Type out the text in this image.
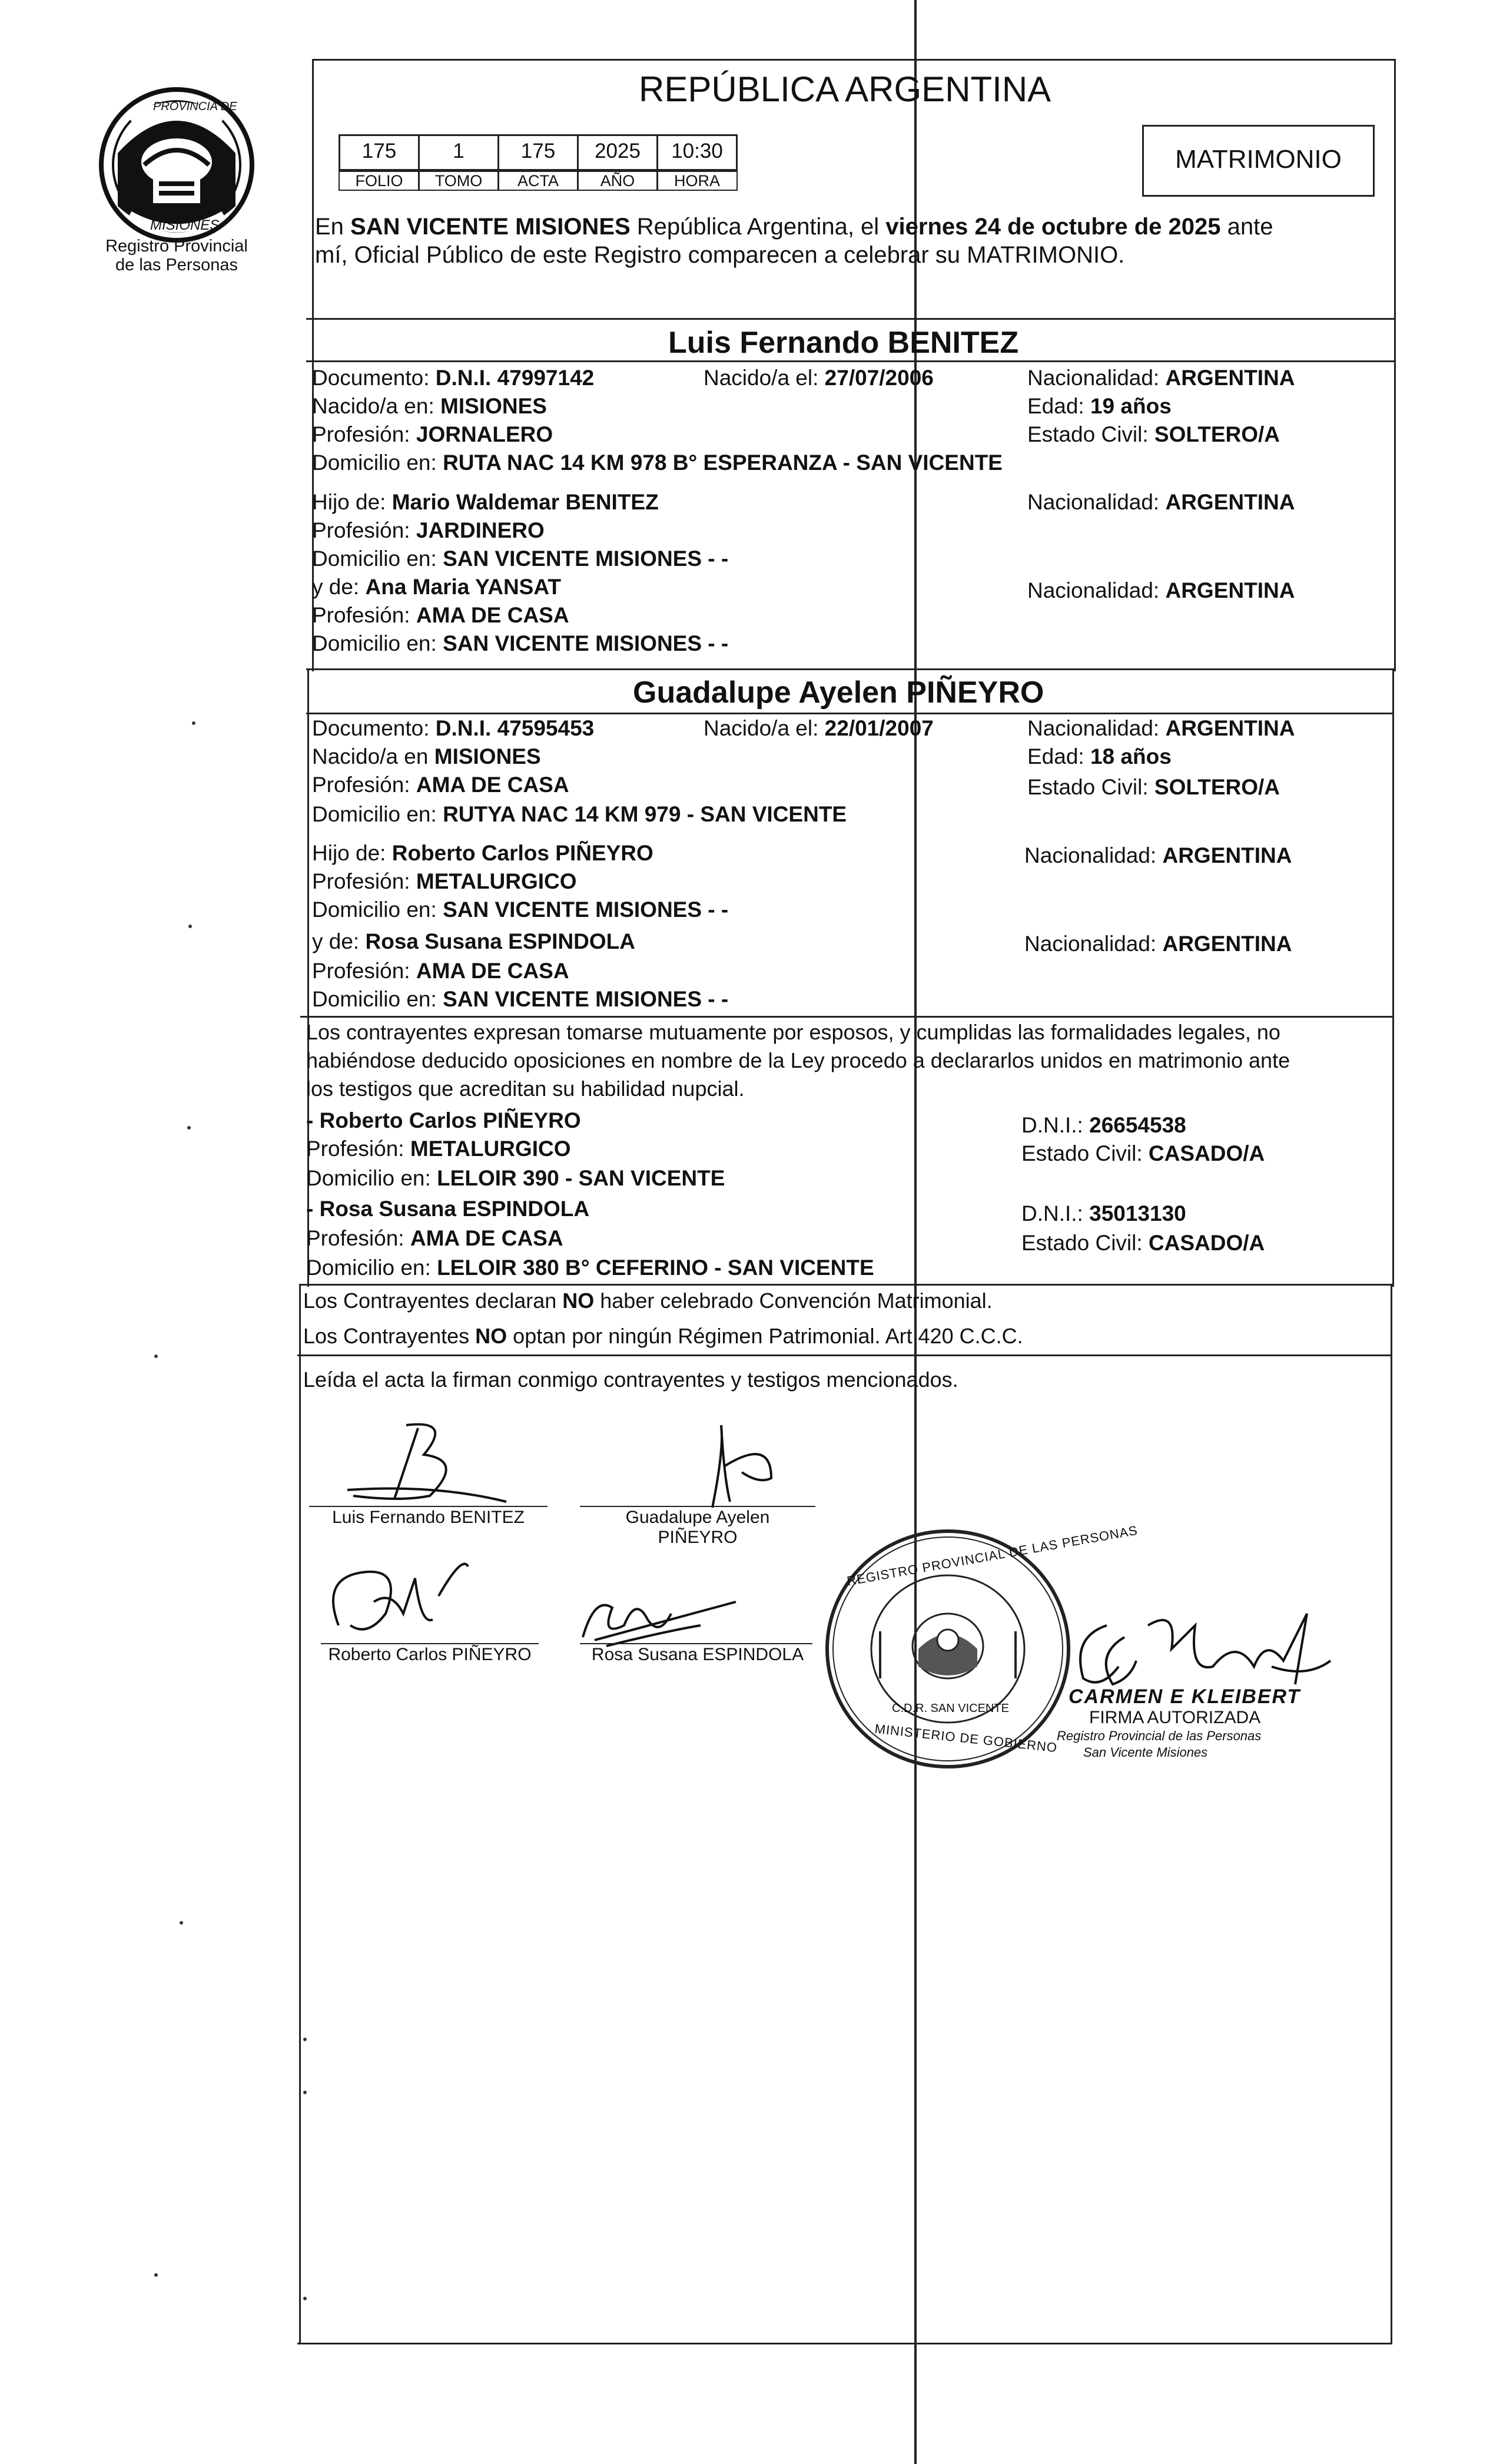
PROVINCIA DE
MISIONES
Registro Provincial
de las Personas
REPÚBLICA ARGENTINA
175	1	175	2025	10:30
FOLIO	TOMO	ACTA	AÑO	HORA
MATRIMONIO
En SAN VICENTE MISIONES República Argentina, el viernes 24 de octubre de 2025 ante
mí, Oficial Público de este Registro comparecen a celebrar su MATRIMONIO.
Luis Fernando BENITEZ
Documento: D.N.I. 47997142	Nacido/a el: 27/07/2006	Nacionalidad: ARGENTINA
Nacido/a en: MISIONES	Edad: 19 años
Profesión: JORNALERO	Estado Civil: SOLTERO/A
Domicilio en: RUTA NAC 14 KM 978 B° ESPERANZA - SAN VICENTE
Hijo de: Mario Waldemar BENITEZ	Nacionalidad: ARGENTINA
Profesión: JARDINERO
Domicilio en: SAN VICENTE MISIONES - -
y de: Ana Maria YANSAT	Nacionalidad: ARGENTINA
Profesión: AMA DE CASA
Domicilio en: SAN VICENTE MISIONES - -
Guadalupe Ayelen PIÑEYRO
Documento: D.N.I. 47595453	Nacido/a el: 22/01/2007	Nacionalidad: ARGENTINA
Nacido/a en MISIONES	Edad: 18 años
Profesión: AMA DE CASA	Estado Civil: SOLTERO/A
Domicilio en: RUTYA NAC 14 KM 979 - SAN VICENTE
Hijo de: Roberto Carlos PIÑEYRO	Nacionalidad: ARGENTINA
Profesión: METALURGICO
Domicilio en: SAN VICENTE MISIONES - -
y de: Rosa Susana ESPINDOLA	Nacionalidad: ARGENTINA
Profesión: AMA DE CASA
Domicilio en: SAN VICENTE MISIONES - -
Los contrayentes expresan tomarse mutuamente por esposos, y cumplidas las formalidades legales, no
habiéndose deducido oposiciones en nombre de la Ley procedo a declararlos unidos en matrimonio ante
los testigos que acreditan su habilidad nupcial.
- Roberto Carlos PIÑEYRO	D.N.I.: 26654538
Profesión: METALURGICO	Estado Civil: CASADO/A
Domicilio en: LELOIR 390 - SAN VICENTE
- Rosa Susana ESPINDOLA	D.N.I.: 35013130
Profesión: AMA DE CASA	Estado Civil: CASADO/A
Domicilio en: LELOIR 380 B° CEFERINO - SAN VICENTE
Los Contrayentes declaran NO haber celebrado Convención Matrimonial.
Los Contrayentes NO optan por ningún Régimen Patrimonial. Art 420 C.C.C.
Leída el acta la firman conmigo contrayentes y testigos mencionados.
Luis Fernando BENITEZ	Guadalupe Ayelen
PIÑEYRO
Roberto Carlos PIÑEYRO	Rosa Susana ESPINDOLA
REGISTRO PROVINCIAL DE LAS PERSONAS
MINISTERIO DE GOBIERNO
C.D.R. SAN VICENTE
CARMEN E KLEIBERT
FIRMA AUTORIZADA
Registro Provincial de las Personas
San Vicente Misiones
